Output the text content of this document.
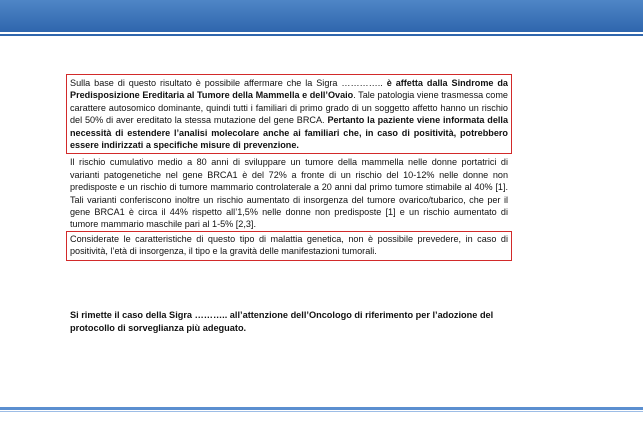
Sulla base di questo risultato è possibile affermare che la Sigra ………….. è affetta dalla Sindrome da Predisposizione Ereditaria al Tumore della Mammella e dell’Ovaio. Tale patologia viene trasmessa come carattere autosomico dominante, quindi tutti i familiari di primo grado di un soggetto affetto hanno un rischio del 50% di aver ereditato la stessa mutazione del gene BRCA. Pertanto la paziente viene informata della necessità di estendere l’analisi molecolare anche ai familiari che, in caso di positività, potrebbero essere indirizzati a specifiche misure di prevenzione.

Il rischio cumulativo medio a 80 anni di sviluppare un tumore della mammella nelle donne portatrici di varianti patogenetiche nel gene BRCA1 è del 72% a fronte di un rischio del 10-12% nelle donne non predisposte e un rischio di tumore mammario controlaterale a 20 anni dal primo tumore stimabile al 40% [1]. Tali varianti conferiscono inoltre un rischio aumentato di insorgenza del tumore ovarico/tubarico, che per il gene BRCA1 è circa il 44% rispetto all’1,5% nelle donne non predisposte [1] e un rischio aumentato di tumore mammario maschile pari al 1-5% [2,3].

Considerate le caratteristiche di questo tipo di malattia genetica, non è possibile prevedere, in caso di positività, l’età di insorgenza, il tipo e la gravità delle manifestazioni tumorali.

Si rimette il caso della Sigra ……….. all’attenzione dell’Oncologo di riferimento per l’adozione del protocollo di sorveglianza più adeguato.
